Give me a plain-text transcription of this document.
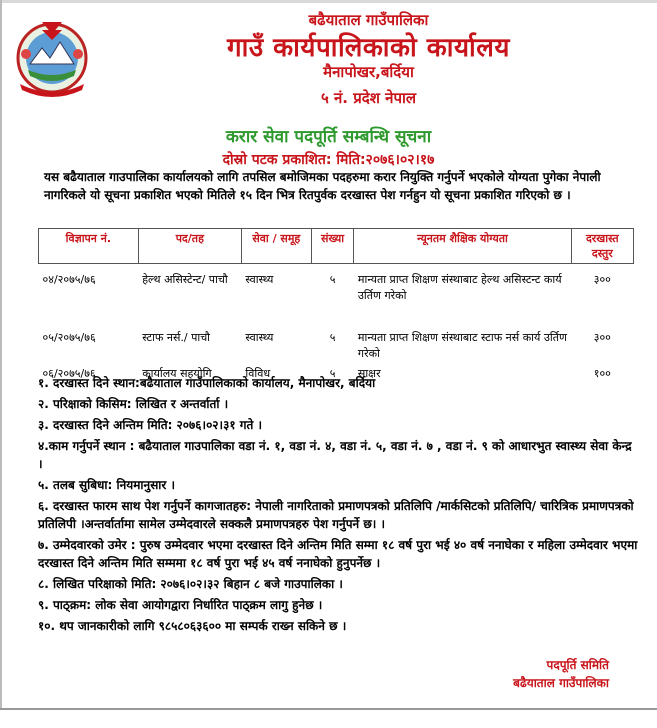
बढैयाताल गाउँपालिका
गाउँ कार्यपालिकाको कार्यालय
मैनापोखर,बर्दिया
५ नं. प्रदेश नेपाल
करार सेवा पदपूर्ति सम्बन्धि सूचना
दोस्रो पटक प्रकाशित: मिति:२०७६।०२।१७
यस बढैयाताल गाउपालिका कार्यालयको लागि तपसिल बमोजिमका पदहरुमा करार नियुक्ति गर्नुपर्ने भएकोले योग्यता पुगेका नेपाली नागरिकले यो सूचना प्रकाशित भएको मितिले १५ दिन भित्र रितपुर्वक दरखास्त पेश गर्नहुन यो सूचना प्रकाशित गरिएको छ ।
विज्ञापन नं.	पद/तह	सेवा / समूह	संख्या	न्यूनतम शैक्षिक योग्यता	दरखास्त दस्तुर
०४/२०७५/७६	हेल्थ असिस्टेन्ट/ पाचौ	स्वास्थ्य	५	मान्यता प्राप्त शिक्षण संस्थाबाट हेल्थ असिस्टन्ट कार्य उर्तिण गरेको	३००
०५/२०७५/७६	स्टाफ नर्स./ पाचौ	स्वास्थ्य	५	मान्यता प्राप्त शिक्षण संस्थाबाट स्टाफ नर्स कार्य उर्तिण गरेको	३००
०६/२०७५/७६	कार्यालय सहयोगि	विविध	५	साक्षर	१००
१. दरखास्त दिने स्थान:बढैयाताल गाउँपालिकाको कार्यालय, मैनापोखर, बर्दिया
२. परिक्षाको किसिम: लिखित र अन्तर्वार्ता ।
३. दरखास्त दिने अन्तिम मिति: २०७६।०२।३१ गते ।
४.काम गर्नुपर्ने स्थान : बढैयाताल गाउपालिका वडा नं. १, वडा नं. ४, वडा नं. ५, वडा नं. ७ , वडा नं. ९ को आधारभुत स्वास्थ्य सेवा केन्द्र ।
५. तलब सुबिधा: नियमानुसार ।
६. दरखास्त फारम साथ पेश गर्नुपर्ने कागजातहरु: नेपाली नागरिताको प्रमाणपत्रको प्रतिलिपि /मार्कसिटको प्रतिलिपि/ चारित्रिक प्रमाणपत्रको प्रतिलिपी ।अन्तर्वार्तामा सामेल उम्मेदवारले सक्कलै प्रमाणपत्रहरु पेश गर्नुपर्ने छ। ।
७. उम्मेदवारको उमेर : पुरुष उम्मेदवार भएमा दरखास्त दिने अन्तिम मिति सम्मा १८ वर्ष पुरा भई ४० वर्ष ननाघेका र महिला उम्मेदवार भएमा दरखास्त दिने अन्तिम मिति सम्ममा १८ वर्ष पुरा भई ४५ वर्ष ननाघेको हुनुपर्नेछ ।
८. लिखित परिक्षाको मिति: २०७६।०२।३२ बिहान ८ बजे गाउपालिका ।
९. पाठ्क्रम: लोक सेवा आयोगद्वारा निर्धारित पाठ्क्रम लागु हुनेछ ।
१०. थप जानकारीको लागि ९८५८०६३६०० मा सम्पर्क राख्न सकिने छ ।
पदपूर्ति समिति
बढैयाताल गाउँपालिका
